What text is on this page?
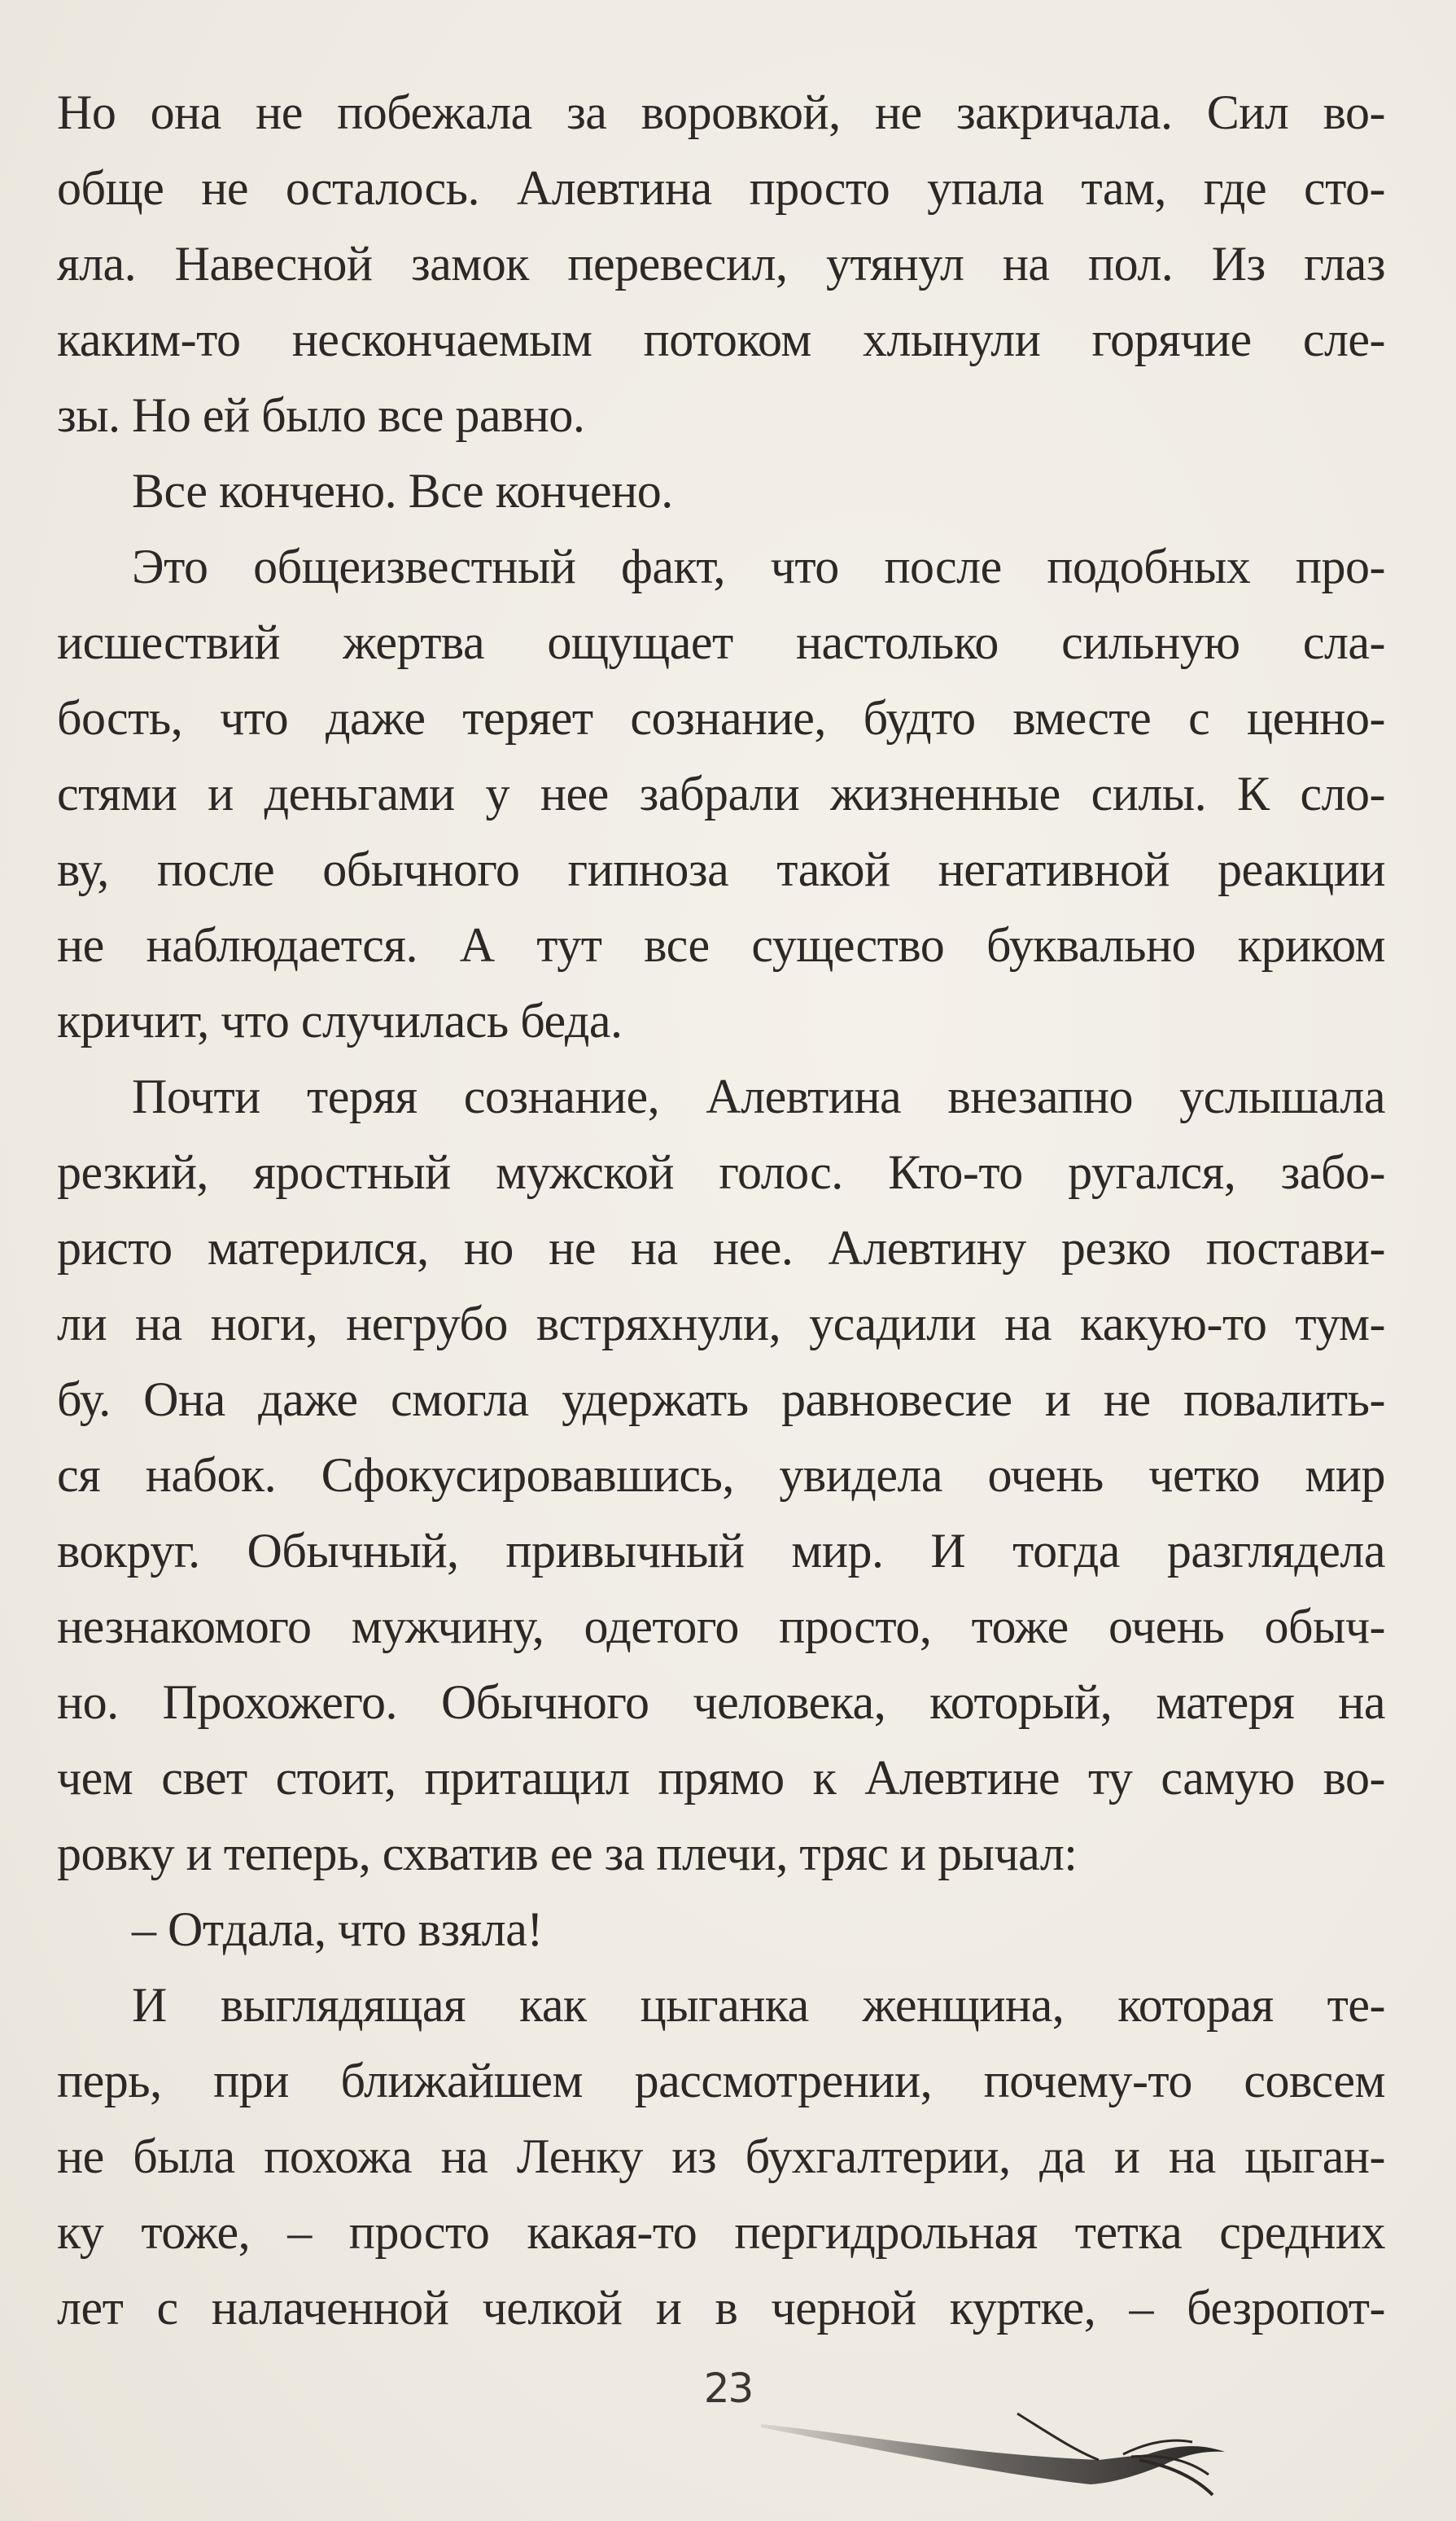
Но она не побежала за воровкой, не закричала. Сил во-
обще не осталось. Алевтина просто упала там, где сто-
яла. Навесной замок перевесил, утянул на пол. Из глаз
каким-то нескончаемым потоком хлынули горячие сле-
зы. Но ей было все равно.
Все кончено. Все кончено.
Это общеизвестный факт, что после подобных про-
исшествий жертва ощущает настолько сильную сла-
бость, что даже теряет сознание, будто вместе с ценно-
стями и деньгами у нее забрали жизненные силы. К сло-
ву, после обычного гипноза такой негативной реакции
не наблюдается. А тут все существо буквально криком
кричит, что случилась беда.
Почти теряя сознание, Алевтина внезапно услышала
резкий, яростный мужской голос. Кто-то ругался, забо-
ристо матерился, но не на нее. Алевтину резко постави-
ли на ноги, негрубо встряхнули, усадили на какую-то тум-
бу. Она даже смогла удержать равновесие и не повалить-
ся набок. Сфокусировавшись, увидела очень четко мир
вокруг. Обычный, привычный мир. И тогда разглядела
незнакомого мужчину, одетого просто, тоже очень обыч-
но. Прохожего. Обычного человека, который, матеря на
чем свет стоит, притащил прямо к Алевтине ту самую во-
ровку и теперь, схватив ее за плечи, тряс и рычал:
– Отдала, что взяла!
И выглядящая как цыганка женщина, которая те-
перь, при ближайшем рассмотрении, почему-то совсем
не была похожа на Ленку из бухгалтерии, да и на цыган-
ку тоже, – просто какая-то пергидрольная тетка средних
лет с налаченной челкой и в черной куртке, – безропот-
23
